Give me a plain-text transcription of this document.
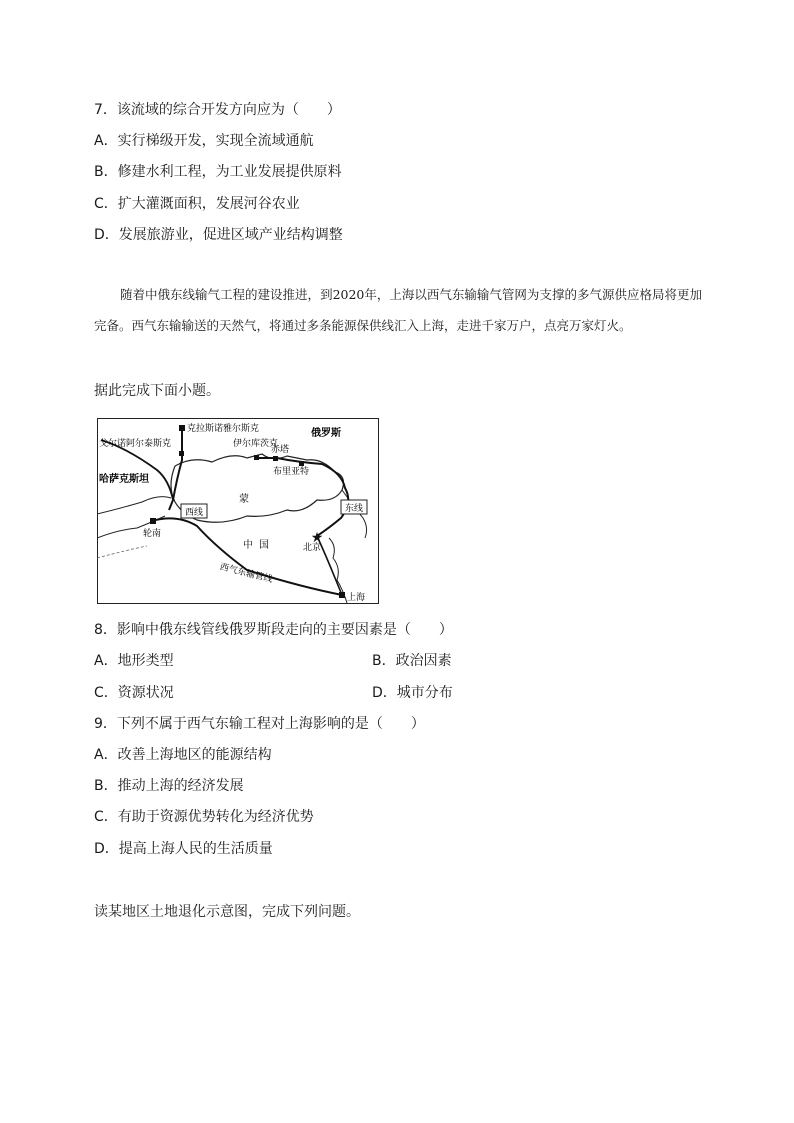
7．该流域的综合开发方向应为（　　）
A．实行梯级开发，实现全流域通航
B．修建水利工程，为工业发展提供原料
C．扩大灌溉面积，发展河谷农业
D．发展旅游业，促进区域产业结构调整

随着中俄东线输气工程的建设推进，到2020年，上海以西气东输输气管网为支撑的多气源供应格局将更加完备。西气东输输送的天然气，将通过多条能源保供线汇入上海，走进千家万户，点亮万家灯火。

据此完成下面小题。
★
克拉斯诺雅尔斯克
戈尔诺阿尔泰斯克	伊尔库茨克
赤塔
俄罗斯
布里亚特
哈萨克斯坦
蒙
西线	东线
轮南
中国	北京
西气东输管线
上海
8．影响中俄东线管线俄罗斯段走向的主要因素是（　　）
A．地形类型	B．政治因素
C．资源状况	D．城市分布
9．下列不属于西气东输工程对上海影响的是（　　）
A．改善上海地区的能源结构
B．推动上海的经济发展
C．有助于资源优势转化为经济优势
D．提高上海人民的生活质量
读某地区土地退化示意图，完成下列问题。
